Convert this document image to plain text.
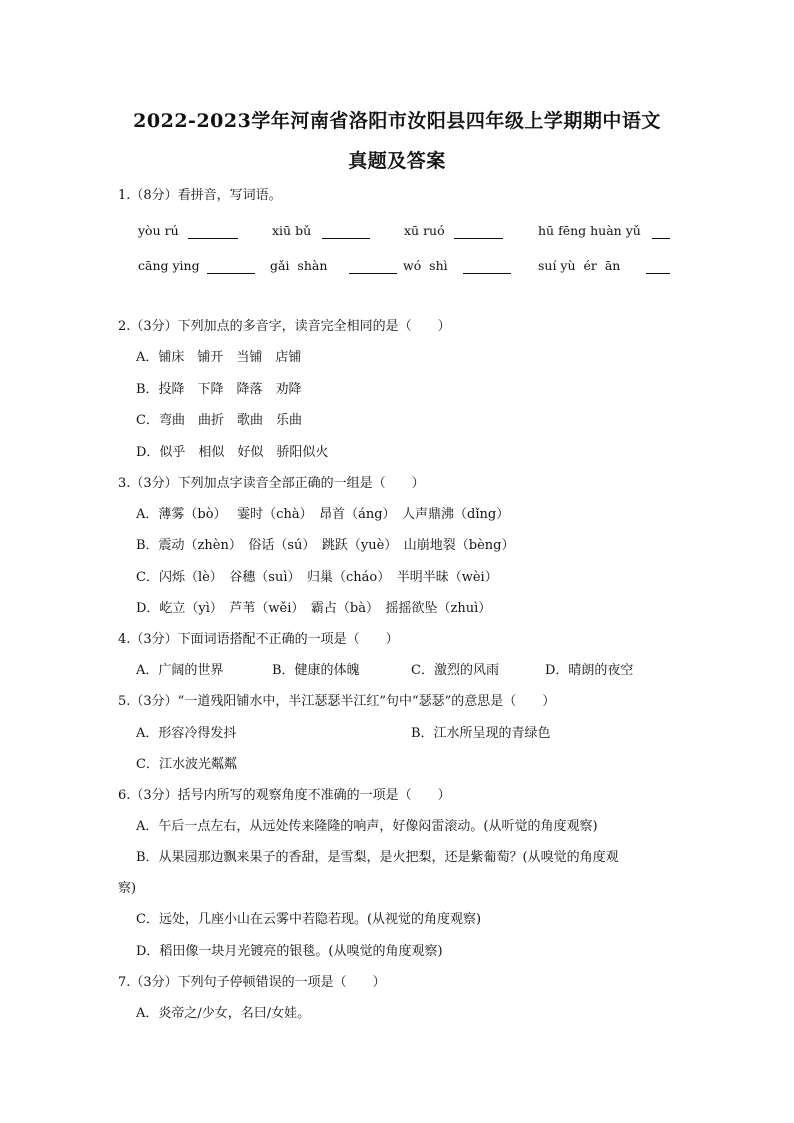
2022-2023学年河南省洛阳市汝阳县四年级上学期期中语文
真题及答案
1.（8分）看拼音，写词语。
yòu rú	xiū bǔ	xū ruó	hū fēng huàn yǔ
cāng ying	gǎi  shàn	wó  shì	suí yù  ér  ān
2.（3分）下列加点的多音字，读音完全相同的是（　　）
A．铺床　铺开　当铺　店铺
B．投降　下降　降落　劝降
C．弯曲　曲折　歌曲　乐曲
D．似乎　相似　好似　骄阳似火
3.（3分）下列加点字读音全部正确的一组是（　　）
A．薄雾（bò）　 霎时（chà）　昂首（áng）　人声鼎沸（dǐng）
B．震动（zhèn）　俗话（sú）　跳跃（yuè）　山崩地裂（bèng）
C．闪烁（lè）　谷穗（suì）　归巢（cháo）　半明半昧（wèi）
D．屹立（yì）　芦苇（wěi）　霸占（bà）　摇摇欲坠（zhuì）
4.（3分）下面词语搭配不正确的一项是（　　）
A．广阔的世界	B．健康的体魄	C．激烈的风雨	D．晴朗的夜空
5.（3分）“一道残阳铺水中，半江瑟瑟半江红”句中“瑟瑟”的意思是（　　）
A．形容冷得发抖	B．江水所呈现的青绿色
C．江水波光粼粼
6.（3分）括号内所写的观察角度不准确的一项是（　　）
A．午后一点左右，从远处传来隆隆的响声，好像闷雷滚动。(从听觉的角度观察)
B．从果园那边飘来果子的香甜，是雪梨，是火把梨，还是紫葡萄？(从嗅觉的角度观
察)
C．远处，几座小山在云雾中若隐若现。(从视觉的角度观察)
D．稻田像一块月光镀亮的银毯。(从嗅觉的角度观察)
7.（3分）下列句子停顿错误的一项是（　　）
A．炎帝之/少女，名曰/女娃。
